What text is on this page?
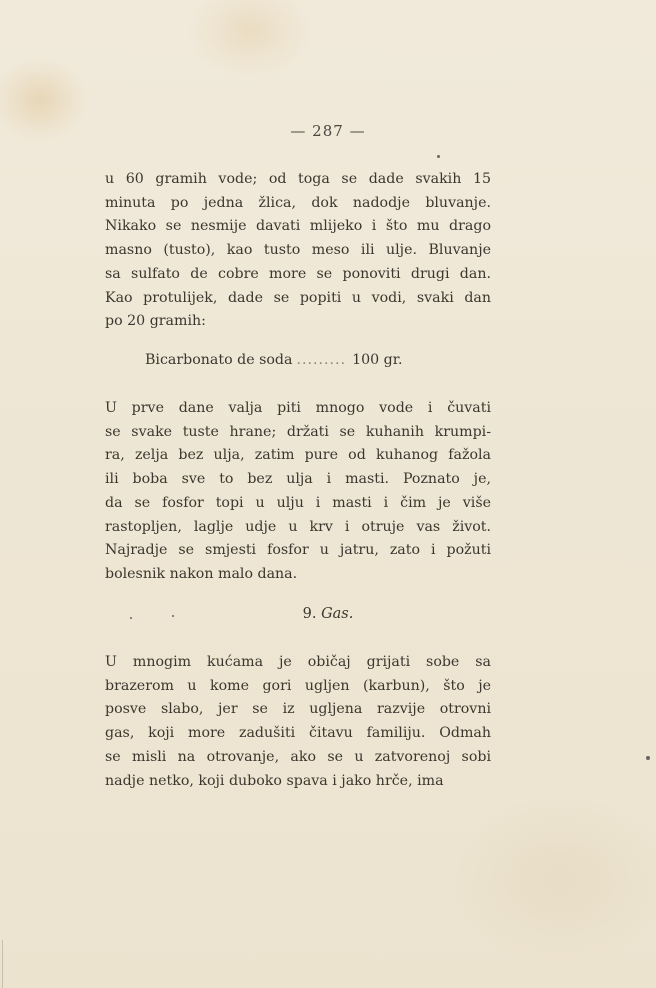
— 287 —
u 60 gramih vode; od toga se dade svakih 15
minuta po jedna žlica, dok nadodje bluvanje.
Nikako se nesmije davati mlijeko i što mu drago
masno (tusto), kao tusto meso ili ulje. Bluvanje
sa sulfato de cobre more se ponoviti drugi dan.
Kao protulijek, dade se popiti u vodi, svaki dan
po 20 gramih:
Bicarbonato de soda ......... 100 gr.
U prve dane valja piti mnogo vode i čuvati
se svake tuste hrane; držati se kuhanih krumpi-
ra, zelja bez ulja, zatim pure od kuhanog fažola
ili boba sve to bez ulja i masti. Poznato je,
da se fosfor topi u ulju i masti i čim je više
rastopljen, laglje udje u krv i otruje vas život.
Najradje se smjesti fosfor u jatru, zato i požuti
bolesnik nakon malo dana.
9. Gas.
U mnogim kućama je običaj grijati sobe sa
brazerom u kome gori ugljen (karbun), što je
posve slabo, jer se iz ugljena razvije otrovni
gas, koji more zadušiti čitavu familiju. Odmah
se misli na otrovanje, ako se u zatvorenoj sobi
nadje netko, koji duboko spava i jako hrče, ima
